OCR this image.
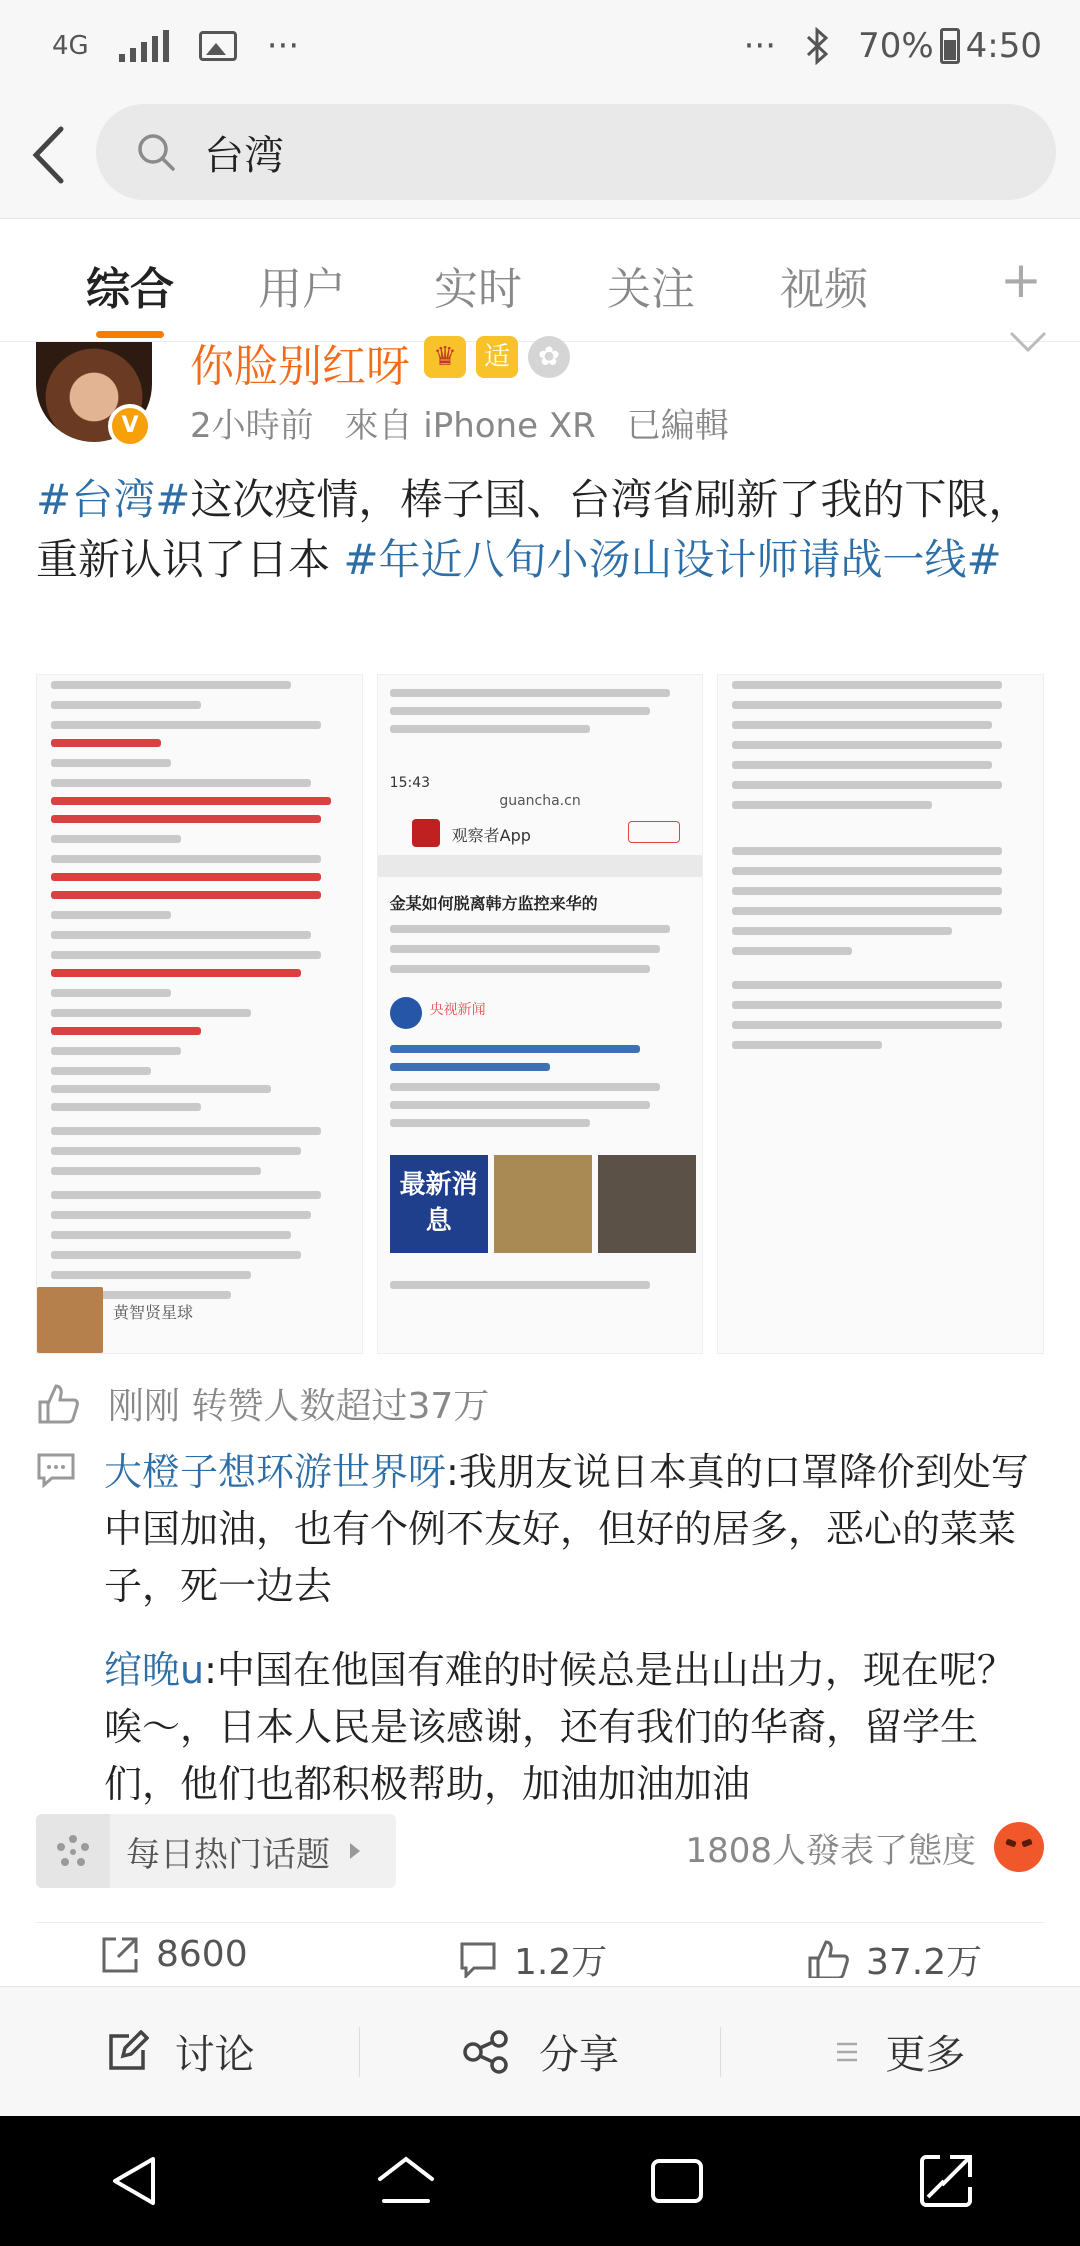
4G	···	··· 70% 4:50
台湾
综合 用户 实时 关注 视频	+
V
你脸别红呀 ♛	适	✿
2小時前 來自 iPhone XR 已編輯
#台湾#这次疫情，棒子国、台湾省刷新了我的下限，重新认识了日本 #年近八旬小汤山设计师请战一线#
黄智贤星球
15:43
guancha.cn
观察者App
金某如何脱离韩方监控来华的
央视新闻
最新消息
刚刚 转赞人数超过37万
大橙子想环游世界呀:我朋友说日本真的口罩降价到处写中国加油，也有个例不友好，但好的居多，恶心的菜菜子，死一边去
绾晚u:中国在他国有难的时候总是出山出力，现在呢？唉～，日本人民是该感谢，还有我们的华裔，留学生们，他们也都积极帮助，加油加油加油
每日热门话题	1808人發表了態度
8600	1.2万	37.2万
讨论	分享	更多
